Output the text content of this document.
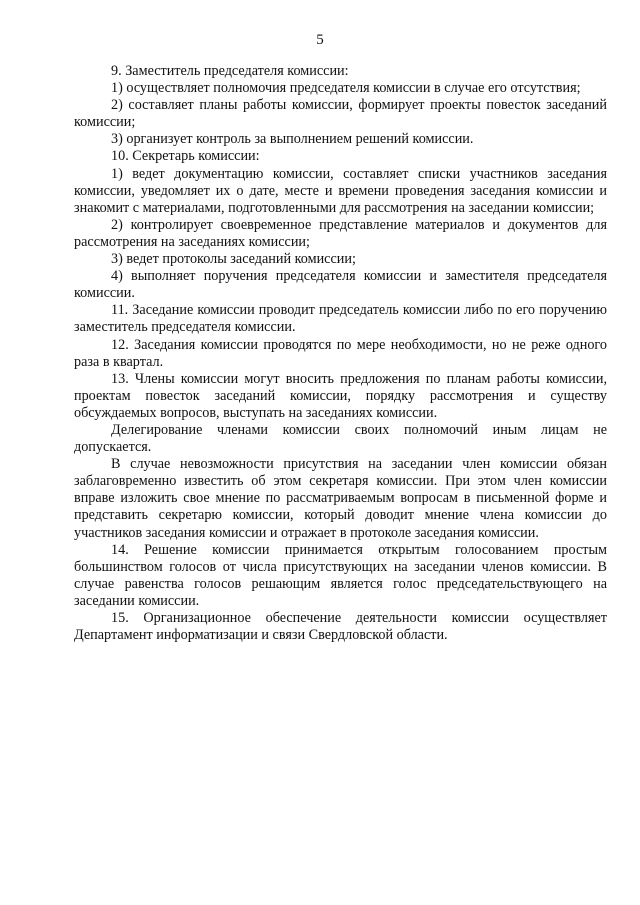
5

9. Заместитель председателя комиссии:

1) осуществляет полномочия председателя комиссии в случае его отсутствия;

2) составляет планы работы комиссии, формирует проекты повесток заседаний комиссии;

3) организует контроль за выполнением решений комиссии.

10. Секретарь комиссии:

1) ведет документацию комиссии, составляет списки участников заседания комиссии, уведомляет их о дате, месте и времени проведения заседания комиссии и знакомит с материалами, подготовленными для рассмотрения на заседании комиссии;

2) контролирует своевременное представление материалов и документов для рассмотрения на заседаниях комиссии;

3) ведет протоколы заседаний комиссии;

4) выполняет поручения председателя комиссии и заместителя председателя комиссии.

11. Заседание комиссии проводит председатель комиссии либо по его поручению заместитель председателя комиссии.

12. Заседания комиссии проводятся по мере необходимости, но не реже одного раза в квартал.

13. Члены комиссии могут вносить предложения по планам работы комиссии, проектам повесток заседаний комиссии, порядку рассмотрения и существу обсуждаемых вопросов, выступать на заседаниях комиссии.

Делегирование членами комиссии своих полномочий иным лицам не допускается.

В случае невозможности присутствия на заседании член комиссии обязан заблаговременно известить об этом секретаря комиссии. При этом член комиссии вправе изложить свое мнение по рассматриваемым вопросам в письменной форме и представить секретарю комиссии, который доводит мнение члена комиссии до участников заседания комиссии и отражает в протоколе заседания комиссии.

14. Решение комиссии принимается открытым голосованием простым большинством голосов от числа присутствующих на заседании членов комиссии. В случае равенства голосов решающим является голос председательствующего на заседании комиссии.

15. Организационное обеспечение деятельности комиссии осуществляет Департамент информатизации и связи Свердловской области.
